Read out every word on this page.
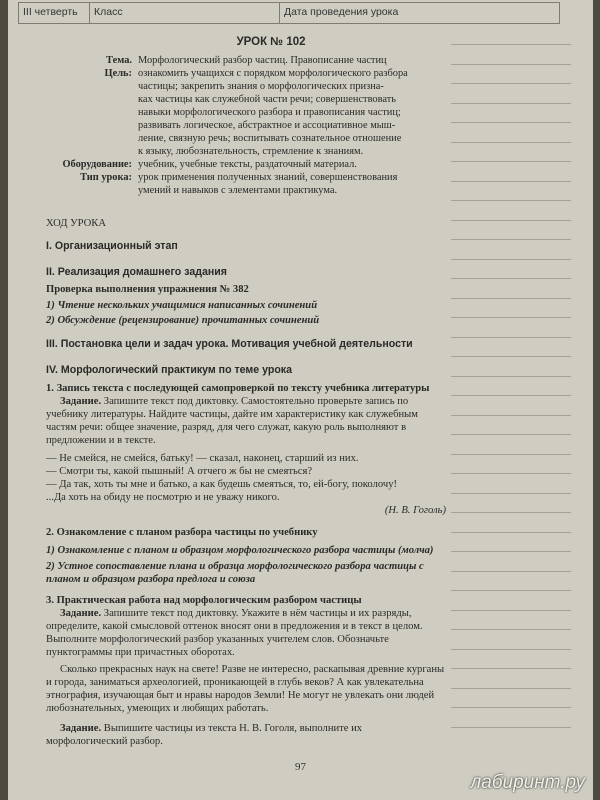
III четверть	Класс	Дата проведения урока
УРОК № 102
Тема. Морфологический разбор частиц. Правописание частиц
Цель: ознакомить учащихся с порядком морфологического разбора
частицы; закрепить знания о морфологических призна-
ках частицы как служебной части речи; совершенствовать
навыки морфологического разбора и правописания частиц;
развивать логическое, абстрактное и ассоциативное мыш-
ление, связную речь; воспитывать сознательное отношение
к языку, любознательность, стремление к знаниям.
Оборудование: учебник, учебные тексты, раздаточный материал.
Тип урока: урок применения полученных знаний, совершенствования
умений и навыков с элементами практикума.
ХОД УРОКА
I. Организационный этап
II. Реализация домашнего задания
Проверка выполнения упражнения № 382
1) Чтение нескольких учащимися написанных сочинений
2) Обсуждение (рецензирование) прочитанных сочинений
III. Постановка цели и задач урока. Мотивация учебной деятельности
IV. Морфологический практикум по теме урока
1. Запись текста с последующей самопроверкой по тексту учебника литературы

Задание. Запишите текст под диктовку. Самостоятельно проверьте запись по учебнику литературы. Найдите частицы, дайте им характеристику как служебным частям речи: общее значение, разряд, для чего служат, какую роль выполняют в предложении и в тексте.

— Не смейся, не смейся, батьку! — сказал, наконец, старший из них.
— Смотри ты, какой пышный! А отчего ж бы не смеяться?
— Да так, хоть ты мне и батько, а как будешь смеяться, то, ей-богу, поколочу!
...Да хоть на обиду не посмотрю и не уважу никого.
(Н. В. Гоголь)
2. Ознакомление с планом разбора частицы по учебнику
1) Ознакомление с планом и образцом морфологического разбора частицы (молча)
2) Устное сопоставление плана и образца морфологического разбора частицы с планом и образцом разбора предлога и союза
3. Практическая работа над морфологическим разбором частицы

Задание. Запишите текст под диктовку. Укажите в нём частицы и их разряды, определите, какой смысловой оттенок вносят они в предложения и в текст в целом. Выполните морфологический разбор указанных учителем слов. Обозначьте пунктограммы при причастных оборотах.

Сколько прекрасных наук на свете! Разве не интересно, раскапывая древние курганы и города, заниматься археологией, проникающей в глубь веков? А как увлекательна этнография, изучающая быт и нравы народов Земли! Не могут не увлекать они людей любознательных, умеющих и любящих работать.

Задание. Выпишите частицы из текста Н. В. Гоголя, выполните их морфологический разбор.

97
лабиринт.ру
